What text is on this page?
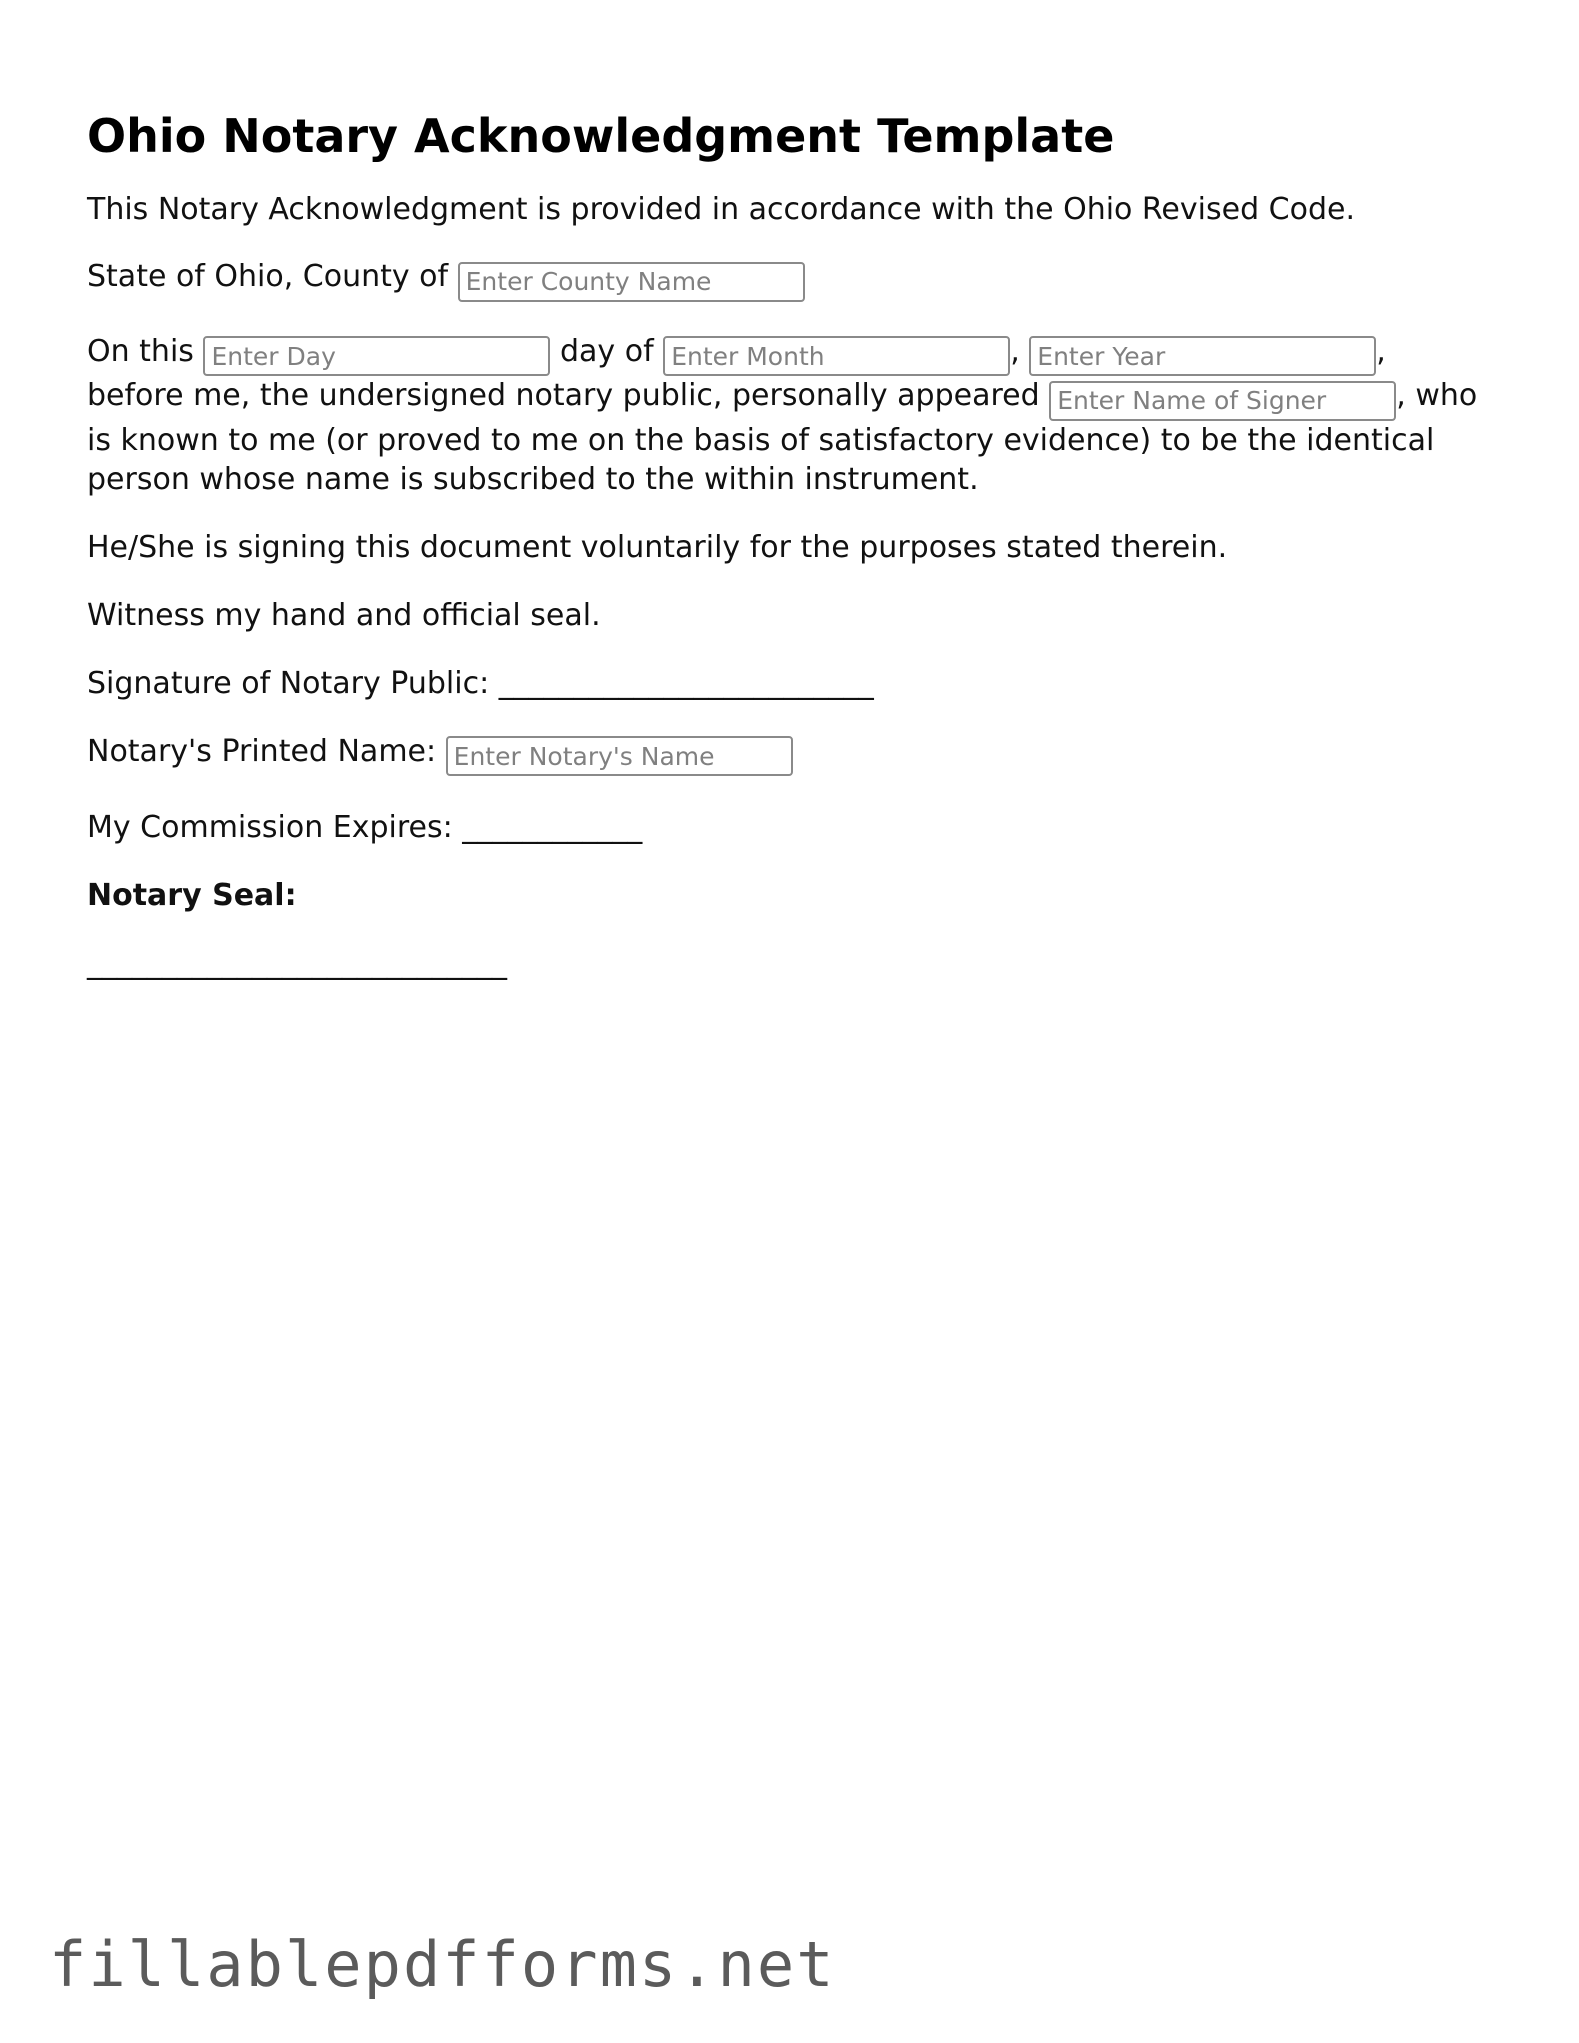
Ohio Notary Acknowledgment Template

This Notary Acknowledgment is provided in accordance with the Ohio Revised Code.

State of Ohio, County of Enter County Name

On this Enter Day	day of Enter Month	, Enter Year	,
before me, the undersigned notary public, personally appeared Enter Name of Signer	, who is known to me (or proved to me on the basis of satisfactory evidence) to be the identical person whose name is subscribed to the within instrument.

He/She is signing this document voluntarily for the purposes stated therein.

Witness my hand and official seal.

Signature of Notary Public: _________________________

Notary's Printed Name: Enter Notary's Name

My Commission Expires: ____________

Notary Seal:

____________________________

fillablepdfforms.net
